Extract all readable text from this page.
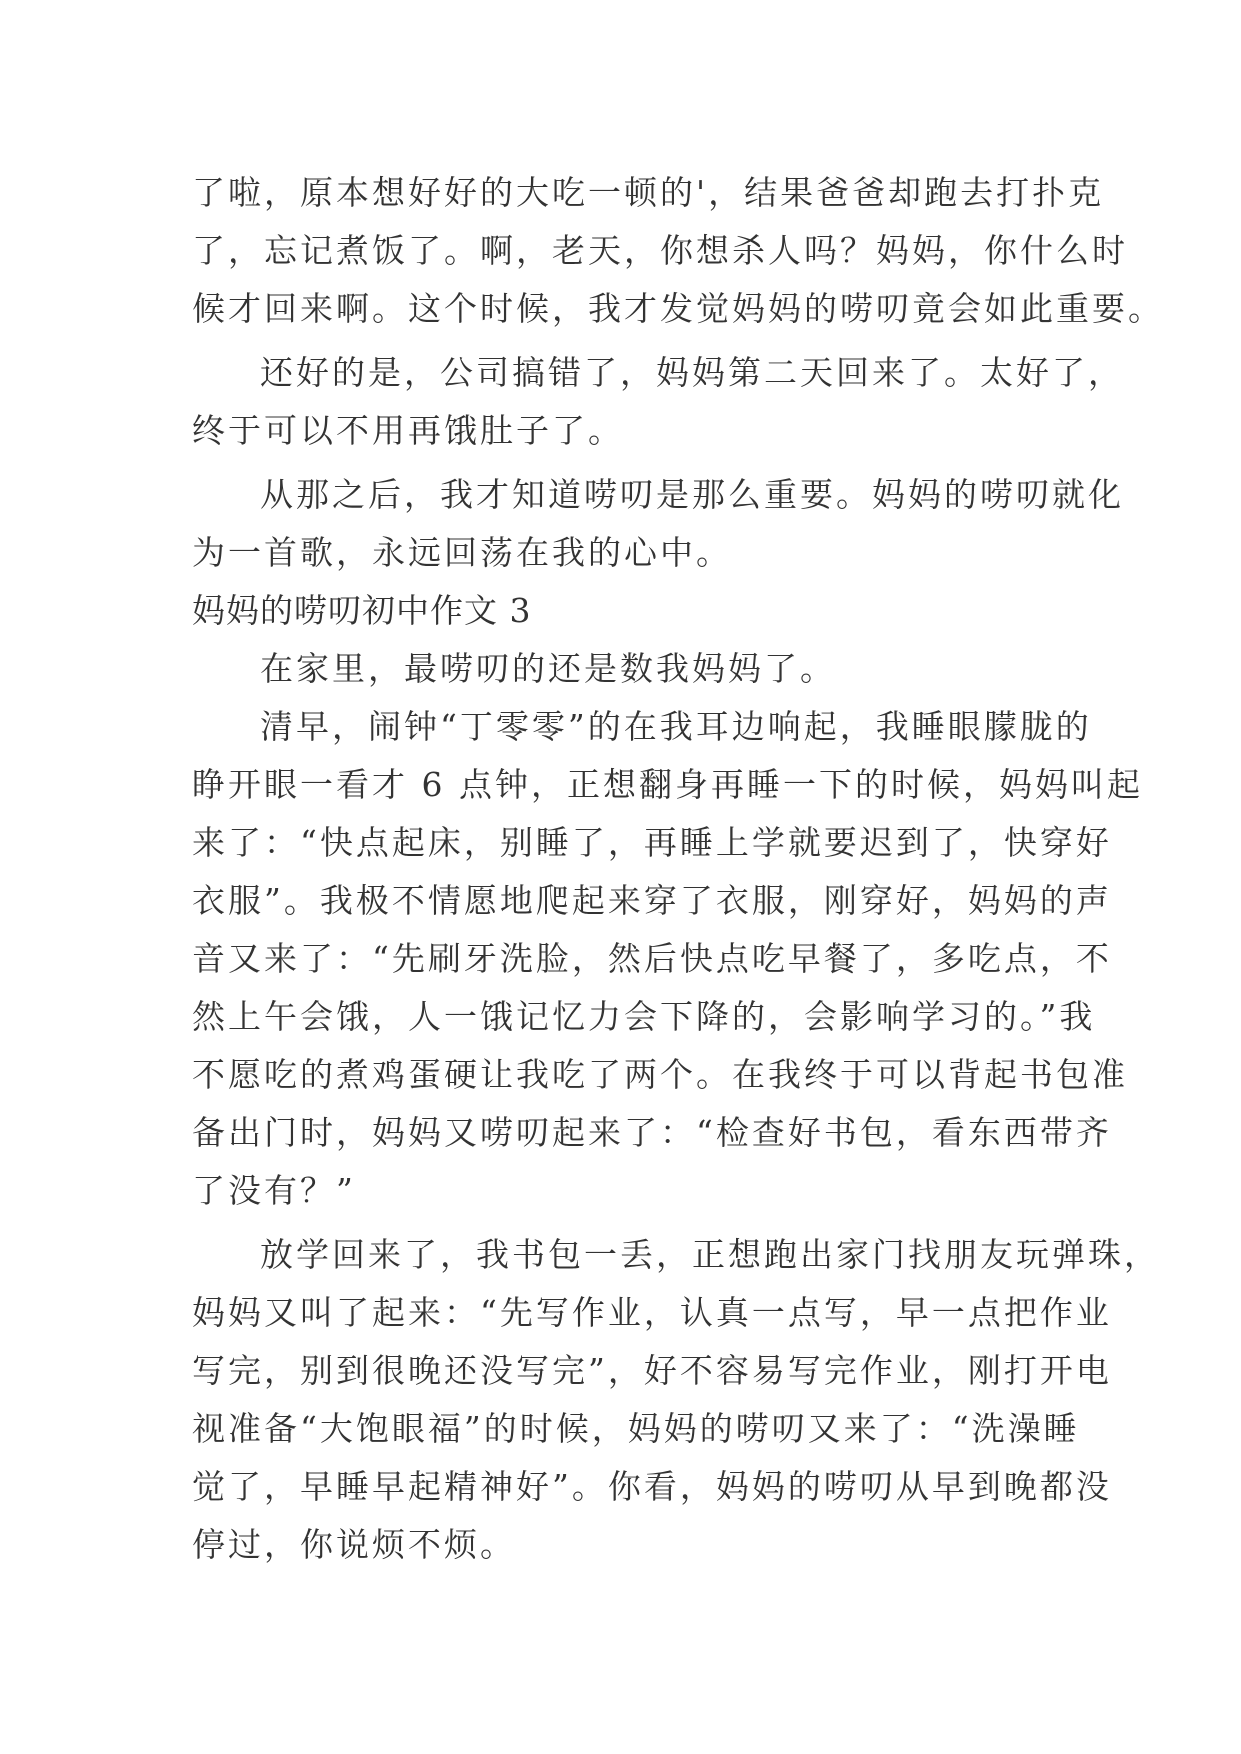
了啦，原本想好好的大吃一顿的'，结果爸爸却跑去打扑克
了，忘记煮饭了。啊，老天，你想杀人吗？妈妈，你什么时
候才回来啊。这个时候，我才发觉妈妈的唠叨竟会如此重要。
还好的是，公司搞错了，妈妈第二天回来了。太好了，
终于可以不用再饿肚子了。
从那之后，我才知道唠叨是那么重要。妈妈的唠叨就化
为一首歌，永远回荡在我的心中。
妈妈的唠叨初中作文 3
在家里，最唠叨的还是数我妈妈了。
清早，闹钟“丁零零”的在我耳边响起，我睡眼朦胧的
睁开眼一看才 6 点钟，正想翻身再睡一下的时候，妈妈叫起
来了：“快点起床，别睡了，再睡上学就要迟到了，快穿好
衣服”。我极不情愿地爬起来穿了衣服，刚穿好，妈妈的声
音又来了：“先刷牙洗脸，然后快点吃早餐了，多吃点，不
然上午会饿，人一饿记忆力会下降的，会影响学习的。”我
不愿吃的煮鸡蛋硬让我吃了两个。在我终于可以背起书包准
备出门时，妈妈又唠叨起来了：“检查好书包，看东西带齐
了没有？”
放学回来了，我书包一丢，正想跑出家门找朋友玩弹珠，
妈妈又叫了起来：“先写作业，认真一点写，早一点把作业
写完，别到很晚还没写完”，好不容易写完作业，刚打开电
视准备“大饱眼福”的时候，妈妈的唠叨又来了：“洗澡睡
觉了，早睡早起精神好”。你看，妈妈的唠叨从早到晚都没
停过，你说烦不烦。
